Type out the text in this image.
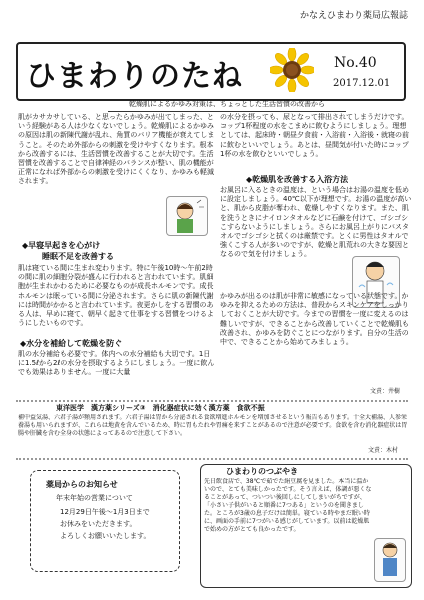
かなえひまわり薬局広報誌
ひまわりのたね	No.40
2017.12.01
乾燥肌によるかゆみ対策は、ちょっとした生活習慣の改善から
肌がカサカサしている、と思ったらかゆみが出てしまった、という経験がある人は少なくないでしょう。乾燥肌によるかゆみの原因は肌の新陳代謝が乱れ、角質のバリア機能が衰えてしまうこと。そのため外部からの刺激を受けやすくなります。根本から改善するには、生活習慣を改善することが大切です。生活習慣を改善することで自律神経のバランスが整い、肌の機能が正常になれば外部からの刺激を受けにくくなり、かゆみも軽減されます。
◆早寝早起きを心がけ
睡眠不足を改善する
肌は寝ている間に生まれ変わります。特に午後10時～午前2時の間に肌の細胞分裂が盛んに行われると言われています。肌細胞が生まれかわるために必要なものが成長ホルモンです。成長ホルモンは眠っている間に分泌されます。さらに肌の新陳代謝には時間がかかると言われています。夜更かしをする習慣のある人は、早めに寝て、朝早く起きて仕事をする習慣をつけるようにしたいものです。
◆水分を補給して乾燥を防ぐ
肌の水分補給も必要です。体内への水分補給も大切です。1日に1.5ℓから2ℓの水分を摂取するようにしましょう。一度に飲んでも効果はありません。一度に大量
の水分を摂っても、尿となって排出されてしまうだけです。コップ1杯程度の水をこまめに飲むようにしましょう。理想としては、起床時・朝昼夕食前・入浴前・入浴後・就寝の前に飲むといいでしょう。あとは、昼間気が付いた時にコップ1杯の水を飲むといいでしょう。
◆乾燥肌を改善する入浴方法
お風呂に入るときの温度は、という場合はお湯の温度を低めに設定しましょう。40℃以下が理想です。お湯の温度が高いと、肌から皮脂が奪われ、乾燥しやすくなります。また、肌を洗うときにナイロンタオルなどに石鹸を付けて、ゴシゴシこすらないようにしましょう。さらにお風呂上がりにバスタオルでゴシゴシと拭くのは厳禁です。とくに男性はタオルで強くこする人が多いのですが、乾燥と肌荒れの大きな要因となるので気を付けましょう。
かゆみが出るのは肌が非常に敏感になっている状態です。かゆみを抑えるための方法は、普段からスキンケアをしっかりしておくことが大切です。今までの習慣を一度に変えるのは難しいですが、できることから改善していくことで乾燥肌も改善され、かゆみを防ぐことにつながります。自分の生活の中で、できることから始めてみましょう。
文責：井樹
東洋医学　漢方薬シリーズ③　消化器症状に効く漢方薬　食欲不振
補中益気湯、六君子湯が頻用されます。六君子湯は胃から分泌される食欲増進ホルモンを増加させるという報告もあります。十全大補湯、人参栄養湯も用いられますが、これらは地黄を含んでいるため、時に胃もたれや胃痛を来すことがあるので注意が必要です。食欲を含む消化器症状は胃腸や肝臓を含む全身の状態によってあるので注意して下さい。
文責：木村
薬局からのお知らせ
年末年始の営業について
12月29日午後～1月3日まで
お休みをいただきます。
よろしくお願いいたします。
ひまわりのつぶやき
先日飲食店で、38℃で茹でた絹豆腐を見ました。本当に温かいので、とても美味しかったです。そう言えば、体調が悪くなることがあって、ついつい後回しにしてしまいがちですが、「小さい子供がいると順番に7つある」というのを聞きました。ところが3歳の息子だけは簡単。寝ている時やまだ眠い時に、画面の手前に7つがいる感じがしています。以前は乾燥肌で始めの方がとても良かったです。
